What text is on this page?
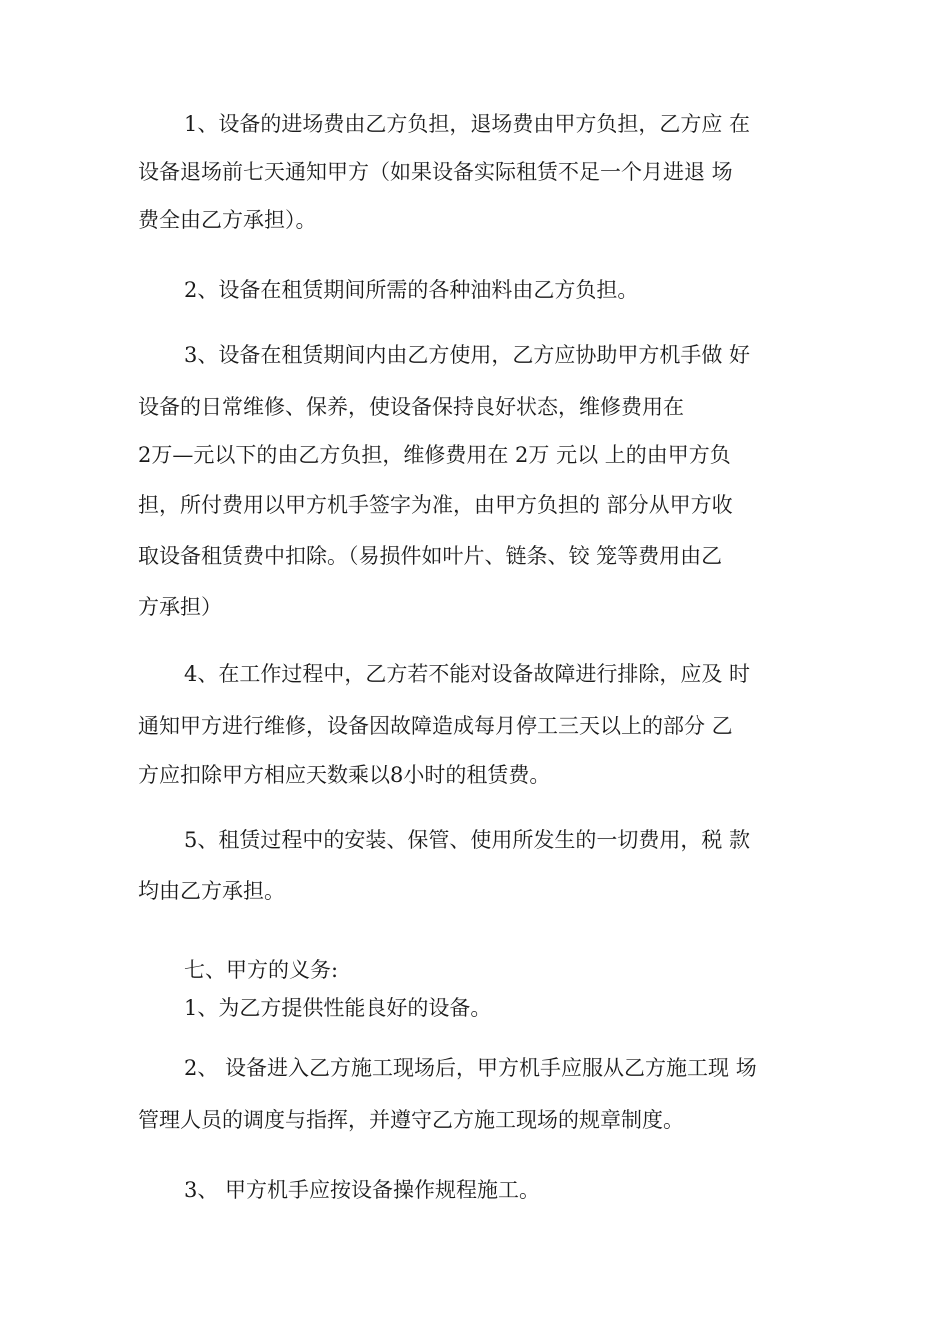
1、设备的进场费由乙方负担，退场费由甲方负担，乙方应 在
设备退场前七天通知甲方（如果设备实际租赁不足一个月进退 场
费全由乙方承担）。
2、设备在租赁期间所需的各种油料由乙方负担。
3、设备在租赁期间内由乙方使用，乙方应协助甲方机手做 好
设备的日常维修、保养，使设备保持良好状态，维修费用在
2万—元以下的由乙方负担，维修费用在 2万 元以 上的由甲方负
担，所付费用以甲方机手签字为准，由甲方负担的 部分从甲方收
取设备租赁费中扣除。（易损件如叶片、链条、铰 笼等费用由乙
方承担）
4、在工作过程中，乙方若不能对设备故障进行排除，应及 时
通知甲方进行维修，设备因故障造成每月停工三天以上的部分 乙
方应扣除甲方相应天数乘以8小时的租赁费。
5、租赁过程中的安装、保管、使用所发生的一切费用，税 款
均由乙方承担。
七、甲方的义务:
1、为乙方提供性能良好的设备。
2、 设备进入乙方施工现场后，甲方机手应服从乙方施工现 场
管理人员的调度与指挥，并遵守乙方施工现场的规章制度。
3、 甲方机手应按设备操作规程施工。
